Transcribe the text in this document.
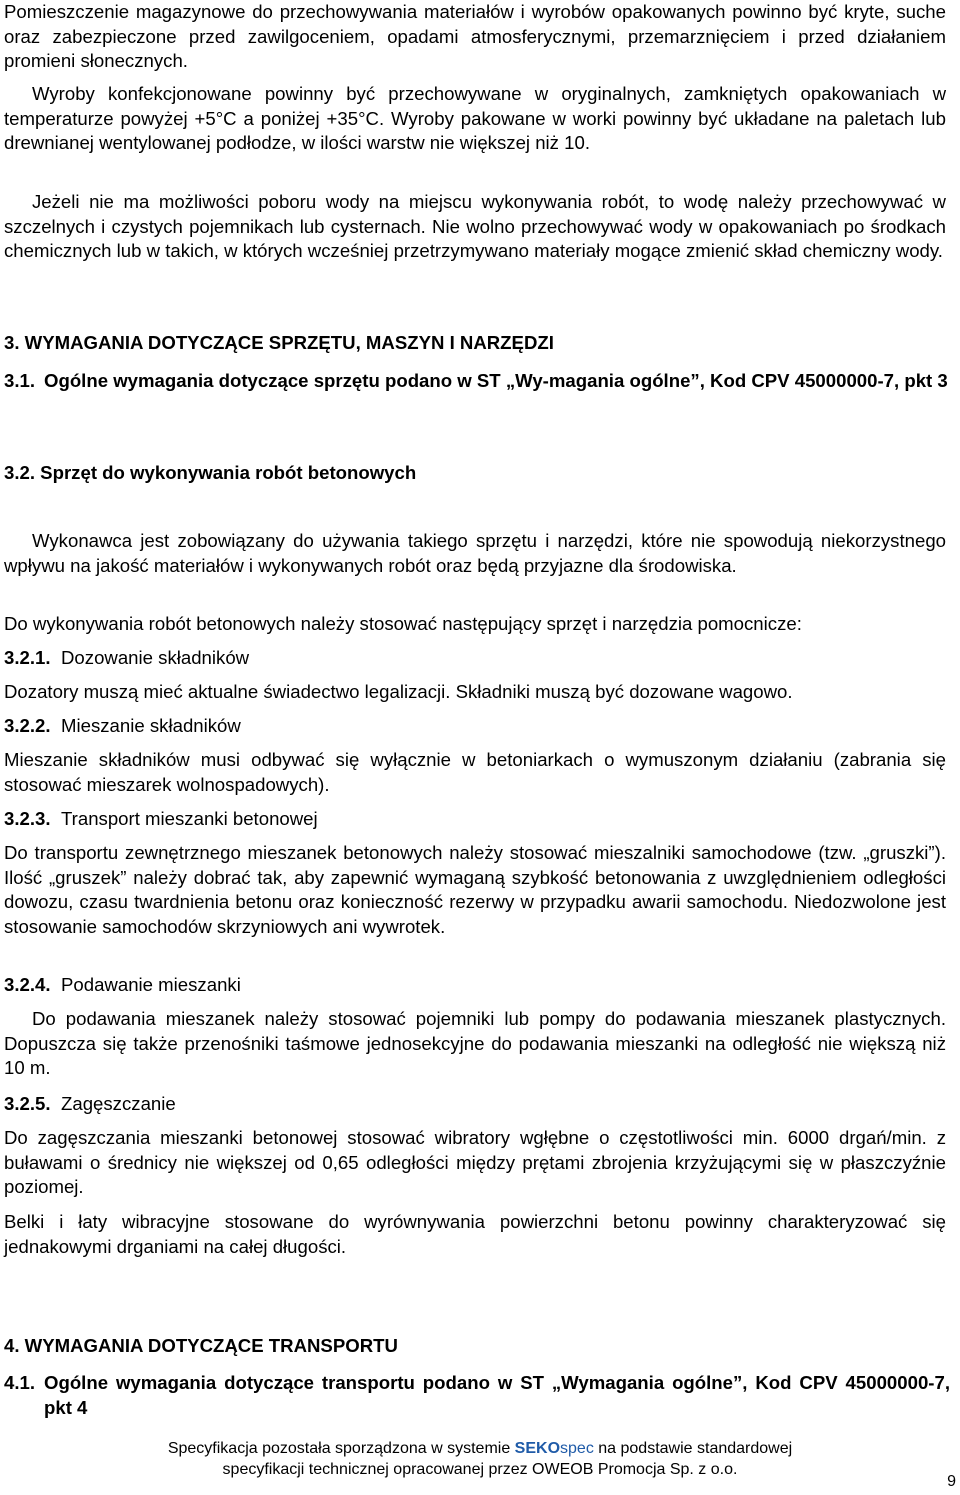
Pomieszczenie magazynowe do przechowywania materiałów i wyrobów opakowanych powinno być kryte, suche oraz zabezpieczone przed zawilgoceniem, opadami atmosferycznymi, przemarznięciem i przed działaniem promieni słonecznych.

Wyroby konfekcjonowane powinny być przechowywane w oryginalnych, zamkniętych opakowaniach w temperaturze powyżej +5°C a poniżej +35°C. Wyroby pakowane w worki powinny być układane na paletach lub drewnianej wentylowanej podłodze, w ilości warstw nie większej niż 10.

Jeżeli nie ma możliwości poboru wody na miejscu wykonywania robót, to wodę należy przechowywać w szczelnych i czystych pojemnikach lub cysternach. Nie wolno przechowywać wody w opakowaniach po środkach chemicznych lub w takich, w których wcześniej przetrzymywano materiały mogące zmienić skład chemiczny wody.

3. WYMAGANIA DOTYCZĄCE SPRZĘTU, MASZYN I NARZĘDZI

3.1. Ogólne wymagania dotyczące sprzętu podano w ST „Wy-magania ogólne”, Kod CPV 45000000-7, pkt 3

3.2. Sprzęt do wykonywania robót betonowych

Wykonawca jest zobowiązany do używania takiego sprzętu i narzędzi, które nie spowodują niekorzystnego wpływu na jakość materiałów i wykonywanych robót oraz będą przyjazne dla środowiska.

Do wykonywania robót betonowych należy stosować następujący sprzęt i narzędzia pomocnicze:

3.2.1. Dozowanie składników

Dozatory muszą mieć aktualne świadectwo legalizacji. Składniki muszą być dozowane wagowo.

3.2.2. Mieszanie składników

Mieszanie składników musi odbywać się wyłącznie w betoniarkach o wymuszonym działaniu (zabrania się stosować mieszarek wolnospadowych).

3.2.3. Transport mieszanki betonowej

Do transportu zewnętrznego mieszanek betonowych należy stosować mieszalniki samochodowe (tzw. „gruszki”). Ilość „gruszek” należy dobrać tak, aby zapewnić wymaganą szybkość betonowania z uwzględnieniem odległości dowozu, czasu twardnienia betonu oraz konieczność rezerwy w przypadku awarii samochodu. Niedozwolone jest stosowanie samochodów skrzyniowych ani wywrotek.

3.2.4. Podawanie mieszanki

Do podawania mieszanek należy stosować pojemniki lub pompy do podawania mieszanek plastycznych. Dopuszcza się także przenośniki taśmowe jednosekcyjne do podawania mieszanki na odległość nie większą niż 10 m.

3.2.5. Zagęszczanie

Do zagęszczania mieszanki betonowej stosować wibratory wgłębne o częstotliwości min. 6000 drgań/min. z buławami o średnicy nie większej od 0,65 odległości między prętami zbrojenia krzyżującymi się w płaszczyźnie poziomej.

Belki i łaty wibracyjne stosowane do wyrównywania powierzchni betonu powinny charakteryzować się jednakowymi drganiami na całej długości.

4. WYMAGANIA DOTYCZĄCE TRANSPORTU

4.1. Ogólne wymagania dotyczące transportu podano w ST „Wymagania ogólne”, Kod CPV 45000000-7, pkt 4
Specyfikacja pozostała sporządzona w systemie SEKOspec na podstawie standardowej
specyfikacji technicznej opracowanej przez OWEOB Promocja Sp. z o.o.
9
